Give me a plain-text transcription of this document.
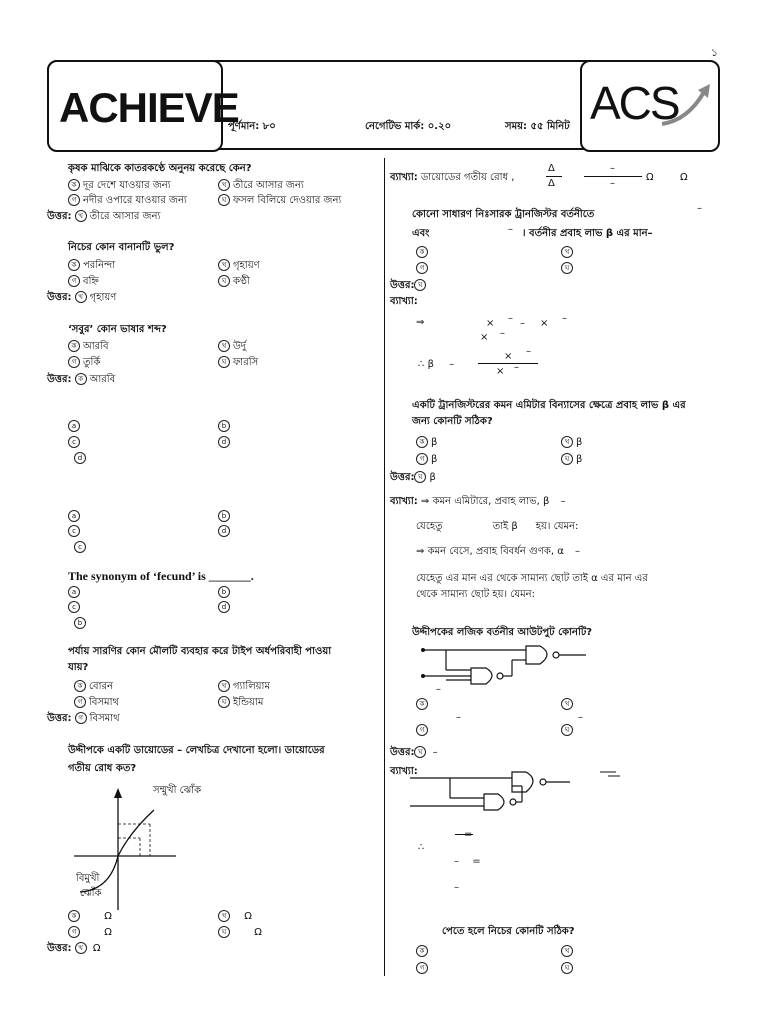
১
ACHIEVE	ACS
পূর্ণমান: ৮০	নেগেটিভ মার্ক: ০.২০	সময়: ৫৫ মিনিট
কৃষক মাঝিকে কাতরকণ্ঠে অনুনয় করেছে কেন?
ক দূর দেশে যাওয়ার জন্য	খ তীরে আসার জন্য
গ নদীর ওপারে যাওয়ার জন্য	ঘ ফসল বিলিয়ে দেওয়ার জন্য
উত্তর: খ তীরে আসার জন্য
নিচের কোন বানানটি ভুল?
ক পরনিন্দা	খ গৃহায়ণ
গ বহ্নি	ঘ কণ্ঠী
উত্তর: খ গৃহায়ণ
‘সবুর’ কোন ভাষার শব্দ?
ক আরবি	খ উর্দু
গ তুর্কি	ঘ ফারসি
উত্তর: ক আরবি
a	b
c	d
d
a	b
c	d
c
The synonym of ‘fecund’ is _______.
a	b
c	d
b
পর্যায় সারণির কোন মৌলটি ব্যবহার করে টাইপ অর্ধপরিবাহী পাওয়া
যায়?
ক বোরন	খ গ্যালিয়াম
গ বিসমাথ	ঘ ইন্ডিয়াম
উত্তর: গ বিসমাথ
উদ্দীপকে একটি ডায়োডের – লেখচিত্র দেখানো হলো। ডায়োডের
গতীয় রোধ কত?
সম্মুখী ঝোঁক
বিমুখী
ঝোঁক
ক	Ω	খ Ω
গ	Ω	ঘ	Ω
উত্তর: খ Ω
ব্যাখ্যা: ডায়োডের গতীয় রোধ ,
Δ
Δ
–
–
Ω	Ω
কোনো সাধারণ নিঃসারক ট্রানজিস্টর বর্তনীতে
–
এবং	– । বর্তনীর প্রবাহ লাভ β এর মান–
ক	খ
গ	ঘ
উত্তর: ঘ
ব্যাখ্যা:
⇒	× – – × –
× –
∴ β –
× –
× –
একটি ট্রানজিস্টরের কমন এমিটার বিন্যাসের ক্ষেত্রে প্রবাহ লাভ β এর
জন্য কোনটি সঠিক?
ক β	খ β
গ β	ঘ β
উত্তর: ঘ β
ব্যাখ্যা: ⇒ কমন এমিটারে, প্রবাহ লাভ, β –
যেহেতু	তাই β হয়। যেমন:
⇒ কমন বেসে, প্রবাহ বিবর্ধন গুণক, α –
যেহেতু এর মান এর থেকে সামান্য ছোট তাই α এর মান এর
থেকে সামান্য ছোট হয়। যেমন:
উদ্দীপকের লজিক বর্তনীর আউটপুট কোনটি?
–
ক	খ
–
–
গ	ঘ
উত্তর: ঘ –
ব্যাখ্যা:
=
∴
– =
–
পেতে হলে নিচের কোনটি সঠিক?
ক	খ
গ	ঘ
